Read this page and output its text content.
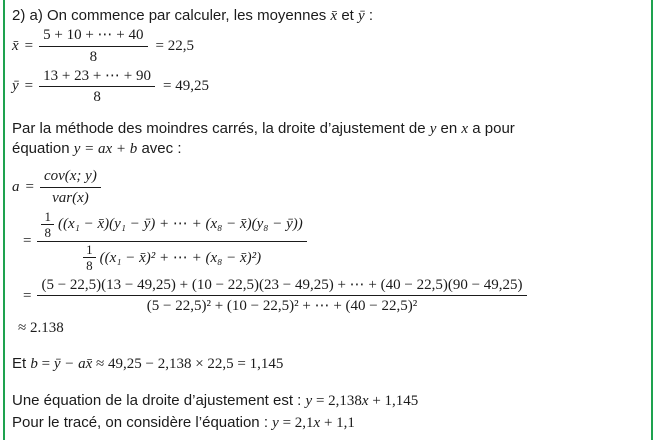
2) a) On commence par calculer, les moyennes x̄ et ȳ :

x̄ = $\frac{5 + 10 + \cdots + 40}{8} = 22,5$
ȳ = $\frac{13 + 23 + \cdots + 90}{8} = 49,25$

Par la méthode des moindres carrés, la droite d’ajustement de y en x a pour
équation y = ax + b avec :

$a = \frac{\text{cov(x; y)}}{\text{var(x)}}$
=
$\frac{1}{8} ((x_1$ − x̄)(y₁ − ȳ) + ⋯ + (x₈ − x̄)(y₈ − ȳ))
$\frac{1}{8} ((x_1$ − x̄)² + ⋯ + (x₈ − x̄)²)
=
(5 − 22,5)(13 − 49,25) + (10 − 22,5)(23 − 49,25) + ⋯ + (40 − 22,5)(90 − 49,25)
(5 − 22,5)² + (10 − 22,5)² + ⋯ + (40 − 22,5)²

≈ 2.138

Et b = ȳ − ax̄ ≈ 49,25 − 2,138 × 22,5 = 1,145

Une équation de la droite d’ajustement est : y = 2,138x + 1,145

Pour le tracé, on considère l’équation : y = 2,1x + 1,1
